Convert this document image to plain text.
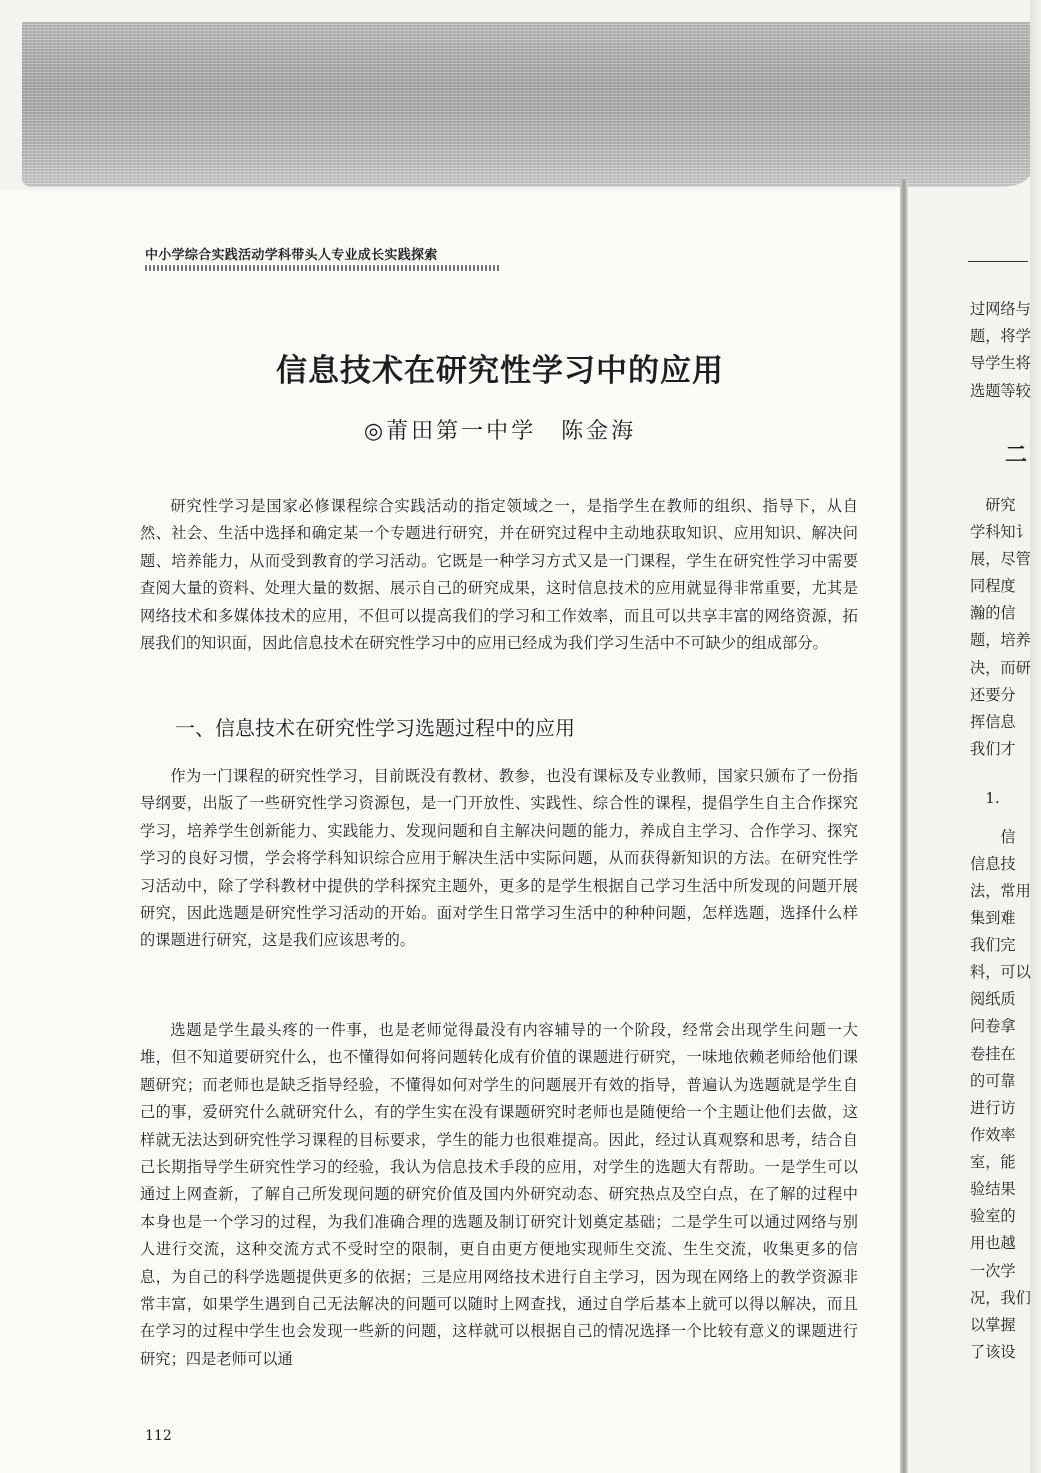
中小学综合实践活动学科带头人专业成长实践探索
信息技术在研究性学习中的应用
◎莆田第一中学　陈金海

研究性学习是国家必修课程综合实践活动的指定领域之一，是指学生在教师的组织、指导下，从自然、社会、生活中选择和确定某一个专题进行研究，并在研究过程中主动地获取知识、应用知识、解决问题、培养能力，从而受到教育的学习活动。它既是一种学习方式又是一门课程，学生在研究性学习中需要查阅大量的资料、处理大量的数据、展示自己的研究成果，这时信息技术的应用就显得非常重要，尤其是网络技术和多媒体技术的应用，不但可以提高我们的学习和工作效率，而且可以共享丰富的网络资源，拓展我们的知识面，因此信息技术在研究性学习中的应用已经成为我们学习生活中不可缺少的组成部分。

一、信息技术在研究性学习选题过程中的应用

作为一门课程的研究性学习，目前既没有教材、教参，也没有课标及专业教师，国家只颁布了一份指导纲要，出版了一些研究性学习资源包，是一门开放性、实践性、综合性的课程，提倡学生自主合作探究学习，培养学生创新能力、实践能力、发现问题和自主解决问题的能力，养成自主学习、合作学习、探究学习的良好习惯，学会将学科知识综合应用于解决生活中实际问题，从而获得新知识的方法。在研究性学习活动中，除了学科教材中提供的学科探究主题外，更多的是学生根据自己学习生活中所发现的问题开展研究，因此选题是研究性学习活动的开始。面对学生日常学习生活中的种种问题，怎样选题，选择什么样的课题进行研究，这是我们应该思考的。

选题是学生最头疼的一件事，也是老师觉得最没有内容辅导的一个阶段，经常会出现学生问题一大堆，但不知道要研究什么，也不懂得如何将问题转化成有价值的课题进行研究，一味地依赖老师给他们课题研究；而老师也是缺乏指导经验，不懂得如何对学生的问题展开有效的指导，普遍认为选题就是学生自己的事，爱研究什么就研究什么，有的学生实在没有课题研究时老师也是随便给一个主题让他们去做，这样就无法达到研究性学习课程的目标要求，学生的能力也很难提高。因此，经过认真观察和思考，结合自己长期指导学生研究性学习的经验，我认为信息技术手段的应用，对学生的选题大有帮助。一是学生可以通过上网查新，了解自己所发现问题的研究价值及国内外研究动态、研究热点及空白点，在了解的过程中本身也是一个学习的过程，为我们准确合理的选题及制订研究计划奠定基础；二是学生可以通过网络与别人进行交流，这种交流方式不受时空的限制，更自由更方便地实现师生交流、生生交流，收集更多的信息，为自己的科学选题提供更多的依据；三是应用网络技术进行自主学习，因为现在网络上的教学资源非常丰富，如果学生遇到自己无法解决的问题可以随时上网查找，通过自学后基本上就可以得以解决，而且在学习的过程中学生也会发现一些新的问题，这样就可以根据自己的情况选择一个比较有意义的课题进行研究；四是老师可以通

112
二
过网络与
题，将学
导学生将
选题等较
　研究
学科知讠
展，尽管
同程度
瀚的信
题，培养
决，而研
还要分
挥信息
我们才
　1.
　　信
信息技
法，常用
集到难
我们完
料，可以
阅纸质
问卷拿
卷挂在
的可靠
进行访
作效率
室，能
验结果
验室的
用也越
一次学
况，我们
以掌握
了该设
